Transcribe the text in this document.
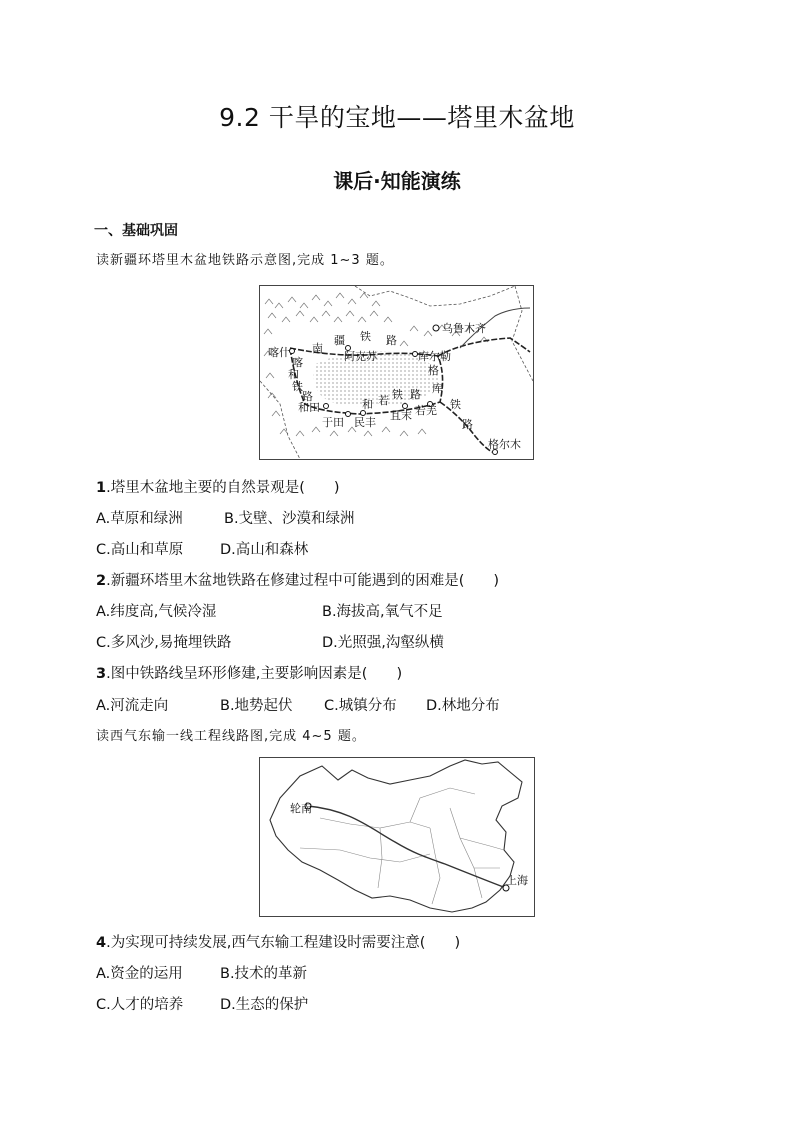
9.2 干旱的宝地——塔里木盆地
课后·知能演练
一、基础巩固
读新疆环塔里木盆地铁路示意图,完成 1~3 题。
乌鲁木齐
喀什	阿克苏	库尔勒
和田
于田 民丰
且末 若羌
格尔木
南
疆 铁 路
喀
和
铁
路
和 若 铁 路
格
库
铁
路
1.塔里木盆地主要的自然景观是(　　)
A.草原和绿洲	B.戈壁、沙漠和绿洲
C.高山和草原	D.高山和森林
2.新疆环塔里木盆地铁路在修建过程中可能遇到的困难是(　　)
A.纬度高,气候冷湿	B.海拔高,氧气不足
C.多风沙,易掩埋铁路	D.光照强,沟壑纵横
3.图中铁路线呈环形修建,主要影响因素是(　　)
A.河流走向	B.地势起伏 C.城镇分布 D.林地分布
读西气东输一线工程线路图,完成 4~5 题。
轮南
上海
4.为实现可持续发展,西气东输工程建设时需要注意(　　)
A.资金的运用	B.技术的革新
C.人才的培养	D.生态的保护
